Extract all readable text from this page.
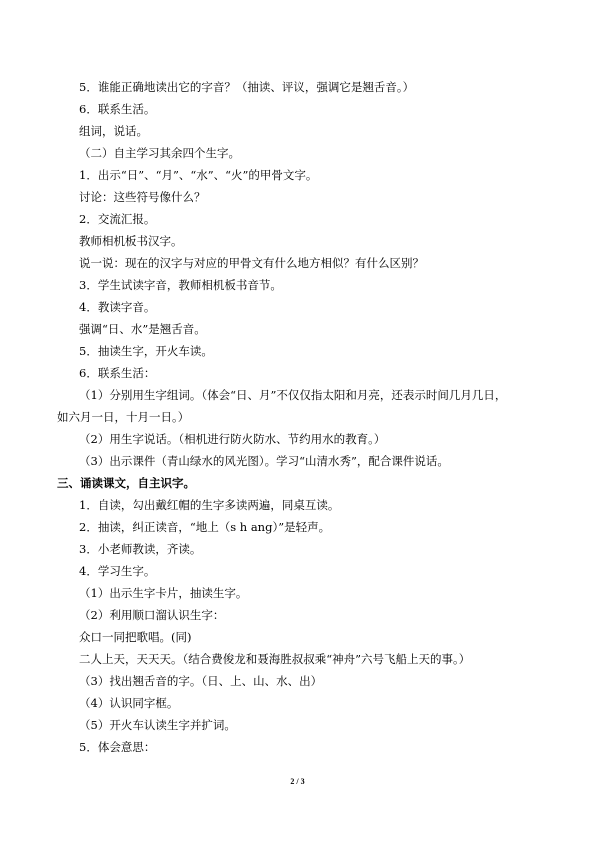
5．谁能正确地读出它的字音？（抽读、评议，强调它是翘舌音。）
6．联系生活。
组词，说话。
（二）自主学习其余四个生字。
1．出示“日”、“月”、“水”、“火”的甲骨文字。
讨论：这些符号像什么？
2．交流汇报。
教师相机板书汉字。
说一说：现在的汉字与对应的甲骨文有什么地方相似？有什么区别？
3．学生试读字音，教师相机板书音节。
4．教读字音。
强调“日、水”是翘舌音。
5．抽读生字，开火车读。
6．联系生活：
（1）分别用生字组词。（体会“日、月”不仅仅指太阳和月亮，还表示时间几月几日，
如六月一日，十月一日。）
（2）用生字说话。（相机进行防火防水、节约用水的教育。）
（3）出示课件（青山绿水的风光图）。学习“山清水秀”，配合课件说话。
三、诵读课文，自主识字。
1．自读，勾出戴红帽的生字多读两遍，同桌互读。
2．抽读，纠正读音，“地上（s h ang）”是轻声。
3．小老师教读，齐读。
4．学习生字。
（1）出示生字卡片，抽读生字。
（2）利用顺口溜认识生字：
众口一同把歌唱。(同)
二人上天，天天天。（结合费俊龙和聂海胜叔叔乘“神舟”六号飞船上天的事。）
（3）找出翘舌音的字。（日、上、山、水、出）
（4）认识同字框。
（5）开火车认读生字并扩词。
5．体会意思：
2 / 3
